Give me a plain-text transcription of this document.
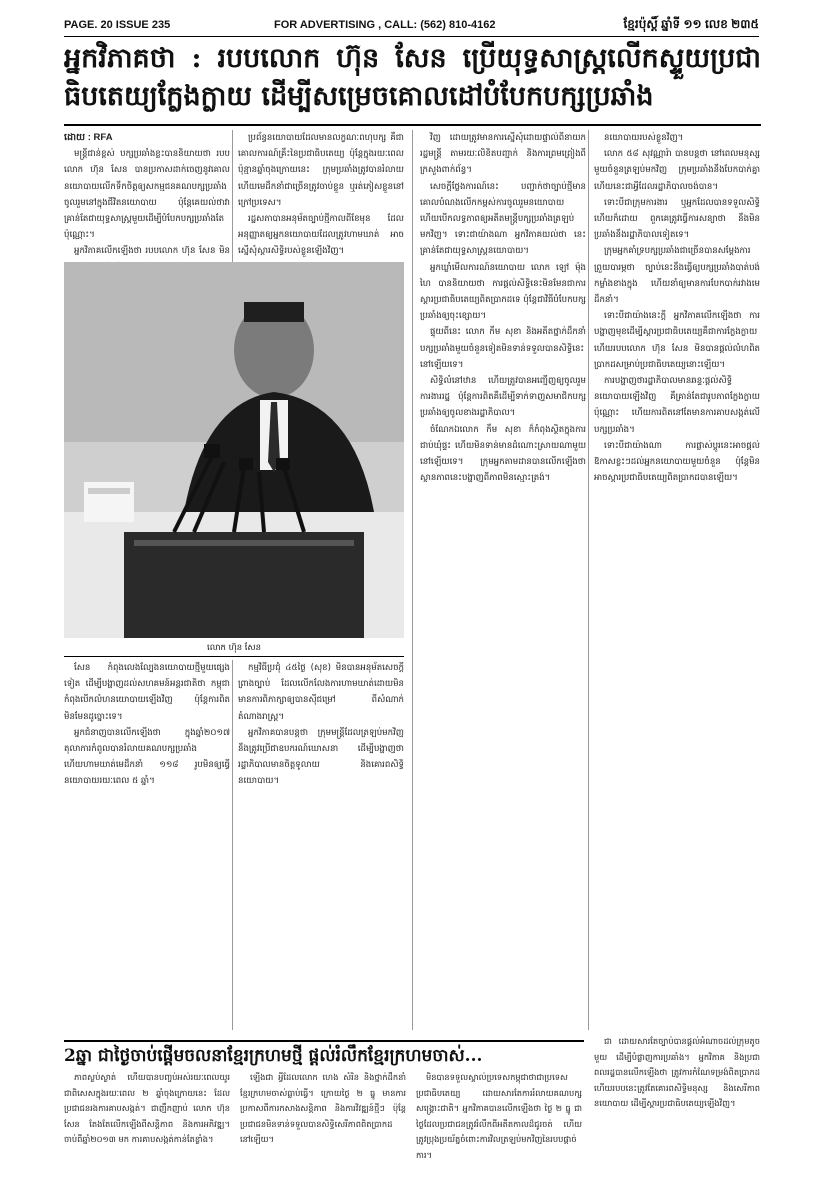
PAGE. 20 ISSUE 235	FOR ADVERTISING , CALL: (562) 810-4162	ខ្មែរប៉ុស្តិ៍ ឆ្នាំទី ១១ លេខ ២៣៥
អ្នកវិភាគថា : របបលោក ហ៊ុន សែន ប្រើយុទ្ធសាស្ត្រលើកស្ទួយប្រជាធិបតេយ្យក្លែងក្លាយ ដើម្បីសម្រេចគោលដៅបំបែកបក្សប្រឆាំង

ដោយ : RFA

មន្ត្រីជាន់ខ្ពស់ បក្សប្រឆាំងខ្លះបាននិយាយថា របបលោក ហ៊ុន សែន បានប្រកាសដាក់ចេញនូវគោលនយោបាយ​លើកទឹកចិត្តឲ្យសកម្មជនគណបក្សប្រឆាំងចូលរួមនៅក្នុងជីវិតនយោបាយ ប៉ុន្តែគេយល់ថាវាគ្រាន់តែជាយុទ្ធសាស្ត្រមួយដើម្បីបំបែកបក្សប្រឆាំងតែប៉ុណ្ណោះ។

អ្នកវិភាគលើកឡើងថា របបលោក ហ៊ុន សែន មិន

ប្រព័ន្ធនយោបាយដែលមានលក្ខណៈពហុបក្ស គឺជាគោលការណ៍គ្រឹះនៃប្រជាធិបតេយ្យ ប៉ុន្តែក្នុងរយៈពេលប៉ុន្មានឆ្នាំចុងក្រោយនេះ ក្រុមប្រឆាំងត្រូវបានរំលាយ ហើយមេដឹកនាំជាច្រើនត្រូវចាប់ខ្លួន ឬរត់ភៀសខ្លួននៅក្រៅប្រទេស។

រដ្ឋសភាបានអនុម័តច្បាប់ថ្មីកាលពីខែមុន ដែលអនុញ្ញាតឲ្យអ្នកនយោបាយដែលត្រូវហាមឃាត់ អាចស្នើសុំស្តារសិទ្ធិរបស់ខ្លួនឡើងវិញ។

វិញ ដោយត្រូវមានការស្នើសុំដោយផ្ទាល់ពីនាយករដ្ឋមន្ត្រី តាមរយៈលិខិតបញ្ជាក់ និងការព្រមព្រៀងពីក្រសួងពាក់ព័ន្ធ។

សេចក្តីថ្លែងការណ៍នេះ បញ្ជាក់ថាច្បាប់ថ្មីមានគោលបំណងលើកកម្ពស់ការចូលរួមនយោបាយ ហើយបើកលទ្ធភាពឲ្យអតីតមន្ត្រីបក្សប្រឆាំងត្រឡប់មកវិញ។ ទោះជាយ៉ាងណា អ្នកវិភាគយល់ថា នេះគ្រាន់តែជាយុទ្ធសាស្ត្រនយោបាយ។

អ្នកឃ្លាំមើលការណ៍នយោបាយ លោក ឡៅ ម៉ុង ហៃ បាននិយាយថា ការផ្តល់សិទ្ធិនេះមិនមែនជាការស្តារប្រជាធិបតេយ្យពិតប្រាកដទេ ប៉ុន្តែជាវិធីបំបែកបក្សប្រឆាំងឲ្យចុះខ្សោយ។

ផ្ទុយពីនេះ លោក កឹម សុខា និងអតីតថ្នាក់ដឹកនាំបក្សប្រឆាំងមួយចំនួនទៀតមិនទាន់ទទួលបានសិទ្ធិនេះនៅឡើយទេ។

សិទ្ធិលំនៅឋាន ហើយត្រូវបានអញ្ជើញឲ្យចូលរួមការងាររដ្ឋ ប៉ុន្តែការពិតគឺដើម្បីទាក់ទាញសមាជិកបក្សប្រឆាំងឲ្យចូលខាងរដ្ឋាភិបាល។

ចំណែកឯលោក កឹម សុខា ក៏កំពុងស្ថិតក្នុងការជាប់ឃុំផ្ទះ ហើយមិនទាន់មានដំណោះស្រាយណាមួយនៅឡើយទេ។ ក្រុមអ្នកតាមដានបានលើកឡើងថា ស្ថានភាពនេះបង្ហាញពីភាពមិនស្មោះត្រង់។

នយោបាយរបស់ខ្លួនវិញ។

លោក ៥៨ សុវណ្ណារ៉ា បានបន្តថា នៅពេលមនុស្សមួយចំនួនត្រឡប់មកវិញ ក្រុមប្រឆាំងនឹងបែកបាក់គ្នា ហើយនេះជាអ្វីដែលរដ្ឋាភិបាលចង់បាន។

ទោះបីជាក្រុមការងារ ឬអ្នកដែលបានទទួលសិទ្ធិហើយក៏ដោយ ពួកគេត្រូវធ្វើការសន្យាថា នឹងមិនប្រឆាំងនឹងរដ្ឋាភិបាលទៀតទេ។

ក្រុមអ្នកគាំទ្របក្សប្រឆាំងជាច្រើនបានសម្តែងការព្រួយបារម្ភថា ច្បាប់នេះនឹងធ្វើឲ្យបក្សប្រឆាំងបាត់បង់កម្លាំងខាងក្នុង ហើយនាំឲ្យមានការបែកបាក់រវាងមេដឹកនាំ។

ទោះបីជាយ៉ាងនេះក្តី អ្នកវិភាគលើកឡើងថា ការបង្ហាញមុខ​ដើម្បីស្តារប្រជាធិបតេយ្យគឺជាការក្លែងក្លាយ ហើយរបបលោក ហ៊ុន សែន មិនបានផ្តល់លំហពិតប្រាកដសម្រាប់ប្រជាធិបតេយ្យនោះឡើយ។

ការបង្ហាញថារដ្ឋាភិបាលមានឆន្ទៈផ្តល់សិទ្ធិនយោបាយឡើងវិញ គឺគ្រាន់តែជារូបភាពក្លែងក្លាយប៉ុណ្ណោះ ហើយការពិតនៅតែមានការគាបសង្កត់លើបក្សប្រឆាំង។

ទោះបីជាយ៉ាងណា ការផ្លាស់ប្តូរនេះអាចផ្តល់ឱកាសខ្លះៗដល់អ្នកនយោបាយមួយចំនួន ប៉ុន្តែមិនអាចស្តារប្រជាធិបតេយ្យពិតប្រាកដបានឡើយ។

លោក ហ៊ុន សែន

សែន កំពុងលេងល្បែងនយោបាយថ្មីមួយផ្សេងទៀត ដើម្បីបង្ហាញដល់សហគមន៍អន្តរជាតិថា កម្ពុជាកំពុងបើកលំហនយោបាយឡើងវិញ ប៉ុន្តែការពិតមិនមែនដូច្នោះទេ។

អ្នកជំនាញបានលើកឡើងថា ក្នុងឆ្នាំ២០១៧ តុលាការកំពូលបានរំលាយគណបក្សប្រឆាំង ហើយហាមឃាត់មេដឹកនាំ ១១៨ រូបមិនឲ្យធ្វើនយោបាយរយៈពេល ៥ ឆ្នាំ។

កម្មវិធីប្រជុំ ៤៥ថ្ងៃ (សុខ) មិនបានអនុម័តសេចក្តីព្រាងច្បាប់ ដែលលើកលែងការហាមឃាត់ដោយមិនមានការពិភាក្សាឲ្យបានស៊ីជម្រៅ ពីសំណាក់តំណាងរាស្ត្រ។

អ្នកវិភាគបានបន្តថា ក្រុមមន្ត្រីដែលត្រឡប់មកវិញ នឹងត្រូវប្រើជាឧបករណ៍ឃោសនា ដើម្បីបង្ហាញថារដ្ឋាភិបាលមានចិត្តទូលាយ និងគោរពសិទ្ធិនយោបាយ។

2ឆ្នា ជាថ្ងៃចាប់ផ្តើមចលនាខ្មែរក្រហមថ្មី ផ្តល់រំលឹកខ្មែរក្រហមចាស់...

ភាពស្ងប់ស្ងាត់ ហើយបានបញ្ចប់អស់រយៈពេលយូរ ជាពិសេសក្នុងរយៈពេល ២ ឆ្នាំចុងក្រោយនេះ ដែលប្រជាជនរងការគាបសង្កត់។ ជាញឹកញាប់ លោក ហ៊ុន សែន តែងតែលើកឡើងពីសន្តិភាព និងការអភិវឌ្ឍ។ ចាប់ពីឆ្នាំ២០១៣ មក ការគាបសង្កត់កាន់តែខ្លាំង។

ឡើងជា អ្វីដែលលោក ហេង សំរិន និងថ្នាក់ដឹកនាំ ខ្មែរក្រហមចាស់ធ្លាប់ធ្វើ។ ក្រោយថ្ងៃ ២ ធ្នូ មានការប្រកាសពីការកសាងសន្តិភាព និងការវិវឌ្ឍន៍ថ្មីៗ ប៉ុន្តែប្រជាជនមិនទាន់ទទួលបានសិទ្ធិសេរីភាពពិតប្រាកដនៅឡើយ។

មិនបានទទួលស្គាល់ប្រទេសកម្ពុជាថាជាប្រទេសប្រជាធិបតេយ្យ ដោយសារតែការរំលាយគណបក្សសង្គ្រោះជាតិ។ អ្នកវិភាគបានលើកឡើងថា ថ្ងៃ ២ ធ្នូ ជាថ្ងៃដែលប្រជាជនត្រូវរំលឹកពីអតីតកាលដ៏ជូរចត់ ហើយត្រូវប្រុងប្រយ័ត្នចំពោះការវិលត្រឡប់មកវិញនៃរបបផ្តាច់ការ។

ជា ដោយសារតែច្បាប់បានផ្តល់អំណាចដល់ក្រុមតូចមួយ ដើម្បីបំផ្លាញការប្រឆាំង។ អ្នកវិភាគ និងប្រជាពលរដ្ឋបានលើកឡើងថា ត្រូវការកំណែទម្រង់ពិតប្រាកដ ហើយរបបនេះត្រូវតែគោរពសិទ្ធិមនុស្ស និងសេរីភាពនយោបាយ ដើម្បីស្តារប្រជាធិបតេយ្យឡើងវិញ។
